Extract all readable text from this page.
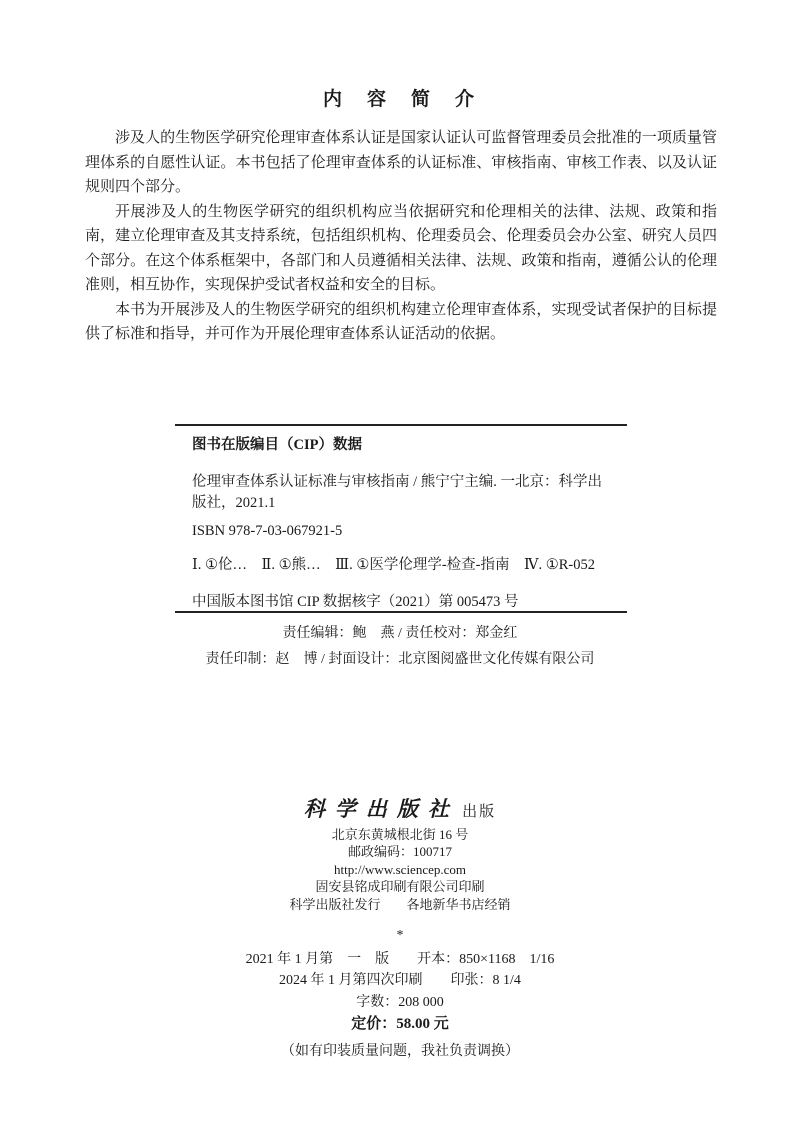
内　容　简　介

涉及人的生物医学研究伦理审查体系认证是国家认证认可监督管理委员会批准的一项质量管理体系的自愿性认证。本书包括了伦理审查体系的认证标准、审核指南、审核工作表、以及认证规则四个部分。

开展涉及人的生物医学研究的组织机构应当依据研究和伦理相关的法律、法规、政策和指南，建立伦理审查及其支持系统，包括组织机构、伦理委员会、伦理委员会办公室、研究人员四个部分。在这个体系框架中，各部门和人员遵循相关法律、法规、政策和指南，遵循公认的伦理准则，相互协作，实现保护受试者权益和安全的目标。

本书为开展涉及人的生物医学研究的组织机构建立伦理审查体系，实现受试者保护的目标提供了标准和指导，并可作为开展伦理审查体系认证活动的依据。

图书在版编目（CIP）数据

伦理审查体系认证标准与审核指南 / 熊宁宁主编. 一北京：科学出版社，2021.1

ISBN 978-7-03-067921-5

Ⅰ. ①伦…　Ⅱ. ①熊…　Ⅲ. ①医学伦理学-检查-指南　Ⅳ. ①R-052

中国版本图书馆 CIP 数据核字（2021）第 005473 号

责任编辑：鲍　燕 / 责任校对：郑金红

责任印制：赵　博 / 封面设计：北京图阅盛世文化传媒有限公司

科学出版社 出版

北京东黄城根北街 16 号

邮政编码：100717

http://www.sciencep.com

固安县铭成印刷有限公司印刷

科学出版社发行　　各地新华书店经销

*

2021 年 1 月第　一　版　　开本：850×1168　1/16

2024 年 1 月第四次印刷　　印张：8 1/4

字数：208 000

定价：58.00 元

（如有印装质量问题，我社负责调换）
